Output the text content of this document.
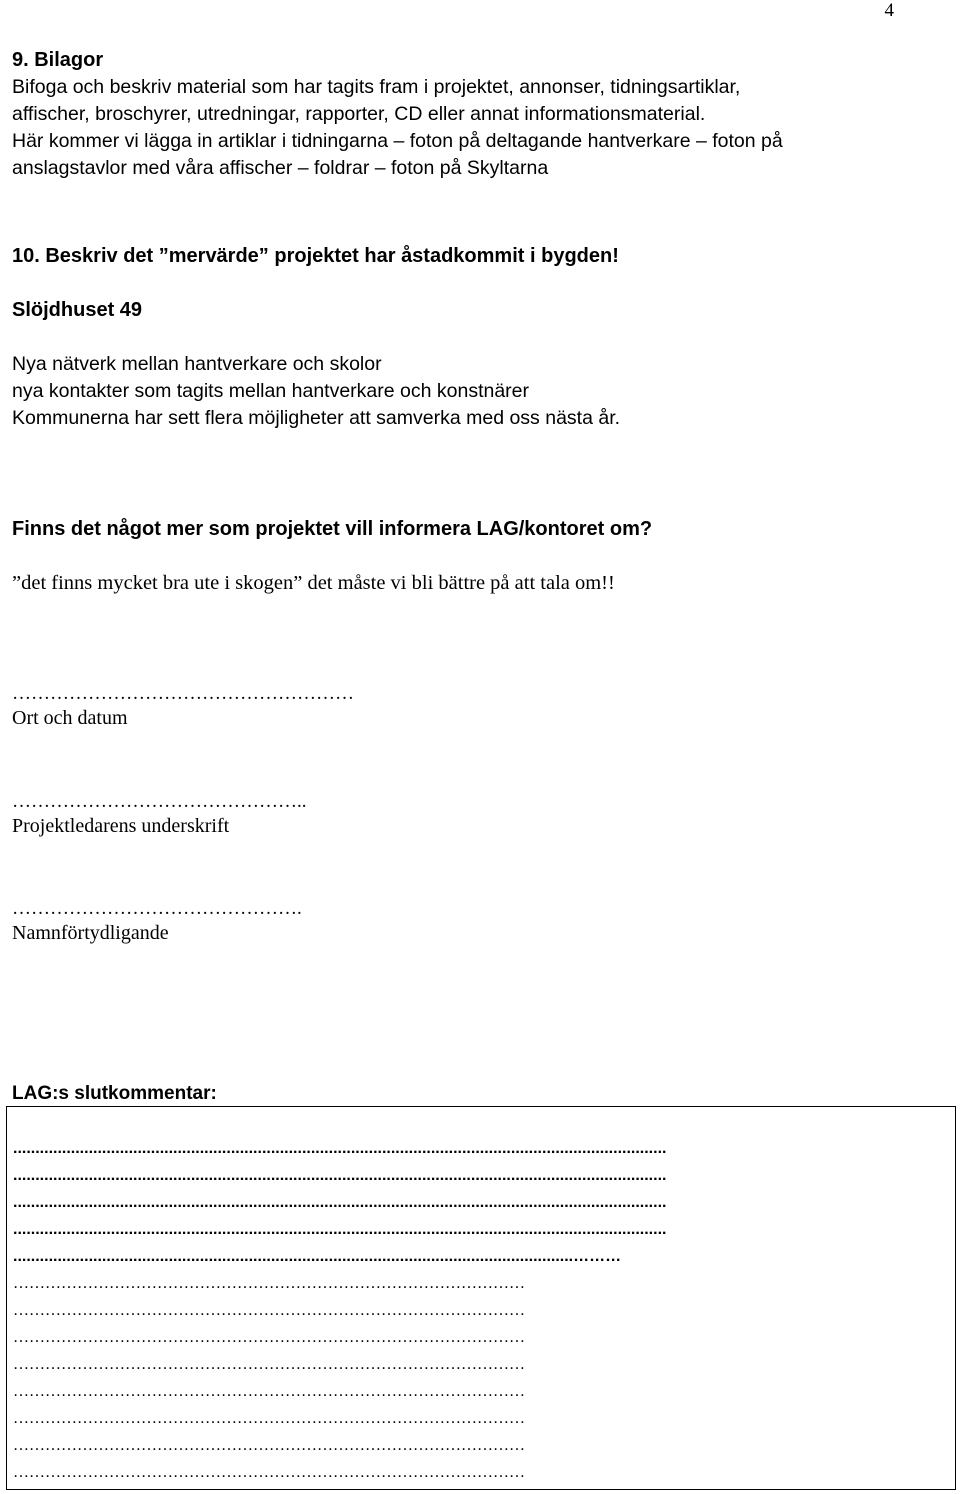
4

9. Bilagor

Bifoga och beskriv material som har tagits fram i projektet, annonser, tidningsartiklar,

affischer, broschyrer, utredningar, rapporter, CD eller annat informationsmaterial.

Här kommer vi lägga in artiklar i tidningarna – foton på deltagande hantverkare – foton på

anslagstavlor med våra affischer – foldrar – foton på Skyltarna

10. Beskriv det ”mervärde” projektet har åstadkommit i bygden!

Slöjdhuset 49

Nya nätverk mellan hantverkare och skolor

nya kontakter som tagits mellan hantverkare och konstnärer

Kommunerna har sett flera möjligheter att samverka med oss nästa år.

Finns det något mer som projektet vill informera LAG/kontoret om?

”det finns mycket bra ute i skogen” det måste vi bli bättre på att tala om!!

………………………………………………

Ort och datum

………………………………………..

Projektledarens underskrift

……………………………………….

Namnförtydligande

LAG:s slutkommentar:

...................................................................................................................................................
...................................................................................................................................................
...................................................................................................................................................
...................................................................................................................................................
..............................................................................................................................………
……………………………………………………………………………………
……………………………………………………………………………………
……………………………………………………………………………………
……………………………………………………………………………………
……………………………………………………………………………………
……………………………………………………………………………………
……………………………………………………………………………………
……………………………………………………………………………………
